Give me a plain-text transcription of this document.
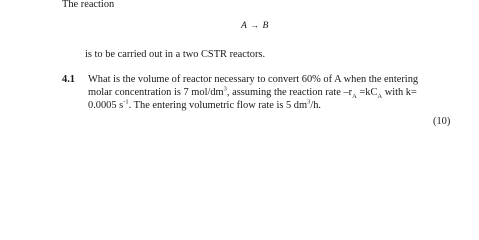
The reaction
A → B
is to be carried out in a two CSTR reactors.
4.1 What is the volume of reactor necessary to convert 60% of A when the entering
molar concentration is 7 mol/$dm^3$, assuming the reaction rate $-r_A =kC_A$ with k=
0.0005 $s^{-1}$. The entering volumetric flow rate is 5 $dm^3/h$.
(10)
